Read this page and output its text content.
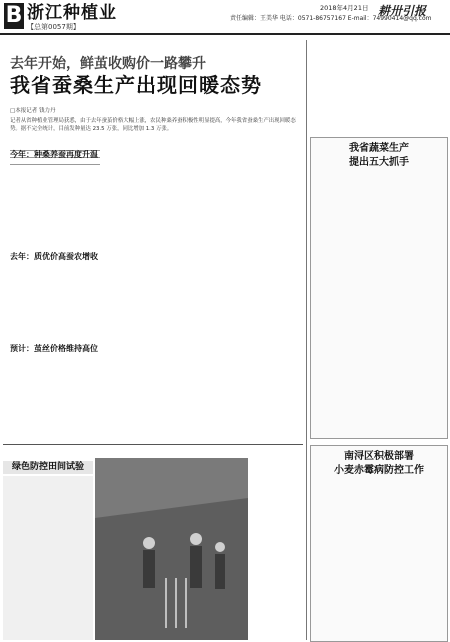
B 浙江种植业
【总第0057期】
2018年4月21日 耕卅引报
责任编辑：王美华 电话：0571-86757167 E-mail：74990414@qq.com
去年开始，鲜茧收购价一路攀升
我省蚕桑生产出现回暖态势
□本报记者 钱力丹
记者从省种植业管理局获悉，由于去年蚕茧价格大幅上涨，农民种桑养蚕积极性明显提高，今年我省蚕桑生产出现回暖态势。据不完全统计，目前发种量达 23.5 万张，同比增加 1.3 万张。
今年：种桑养蚕再度升温
去年：质优价高蚕农增收
预计：茧丝价格维持高位
我省蔬菜生产
提出五大抓手
南浔区积极部署
小麦赤霉病防控工作
绿色防控田间试验
